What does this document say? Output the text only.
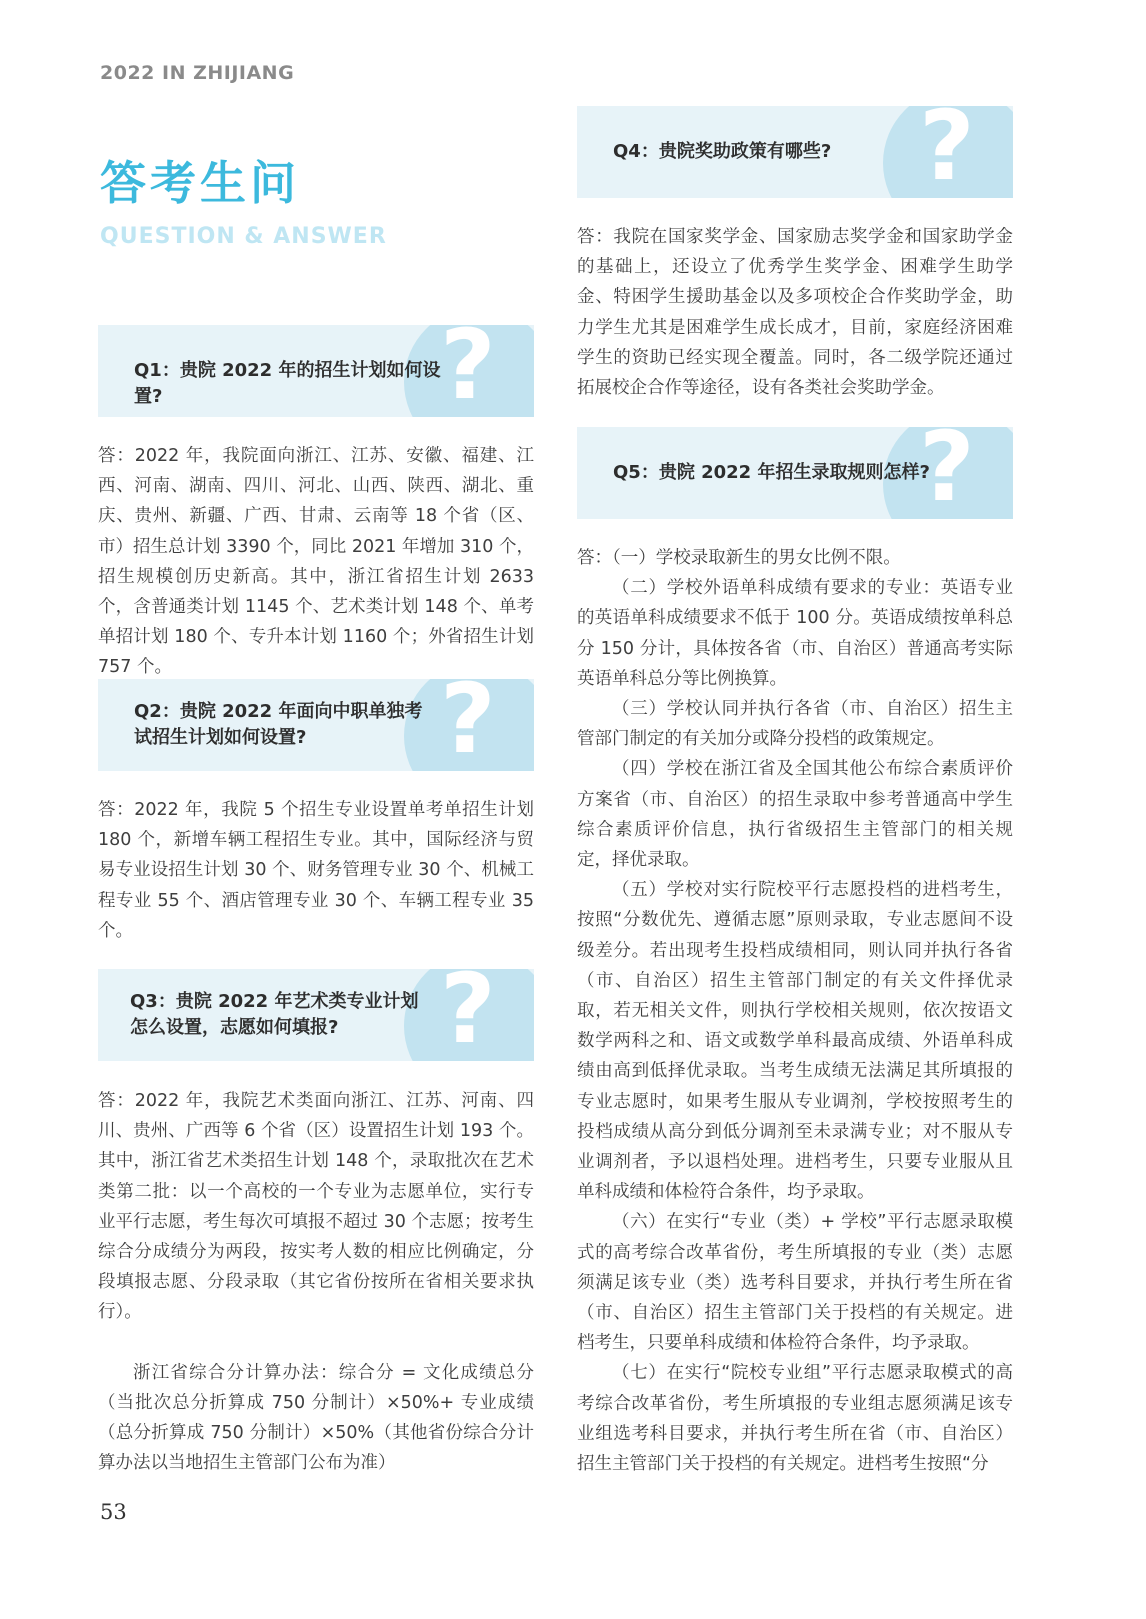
2022 IN ZHIJIANG
答考生问
QUESTION & ANSWER
?
Q1：贵院 2022 年的招生计划如何设置?

答：2022 年，我院面向浙江、江苏、安徽、福建、江西、河南、湖南、四川、河北、山西、陕西、湖北、重庆、贵州、新疆、广西、甘肃、云南等 18 个省（区、市）招生总计划 3390 个，同比 2021 年增加 310 个，招生规模创历史新高。其中，浙江省招生计划 2633 个，含普通类计划 1145 个、艺术类计划 148 个、单考单招计划 180 个、专升本计划 1160 个；外省招生计划 757 个。	?
Q2：贵院 2022 年面向中职单独考试招生计划如何设置?

答：2022 年，我院 5 个招生专业设置单考单招生计划 180 个，新增车辆工程招生专业。其中，国际经济与贸易专业设招生计划 30 个、财务管理专业 30 个、机械工程专业 55 个、酒店管理专业 30 个、车辆工程专业 35 个。

?
Q3：贵院 2022 年艺术类专业计划怎么设置，志愿如何填报?

答：2022 年，我院艺术类面向浙江、江苏、河南、四川、贵州、广西等 6 个省（区）设置招生计划 193 个。其中，浙江省艺术类招生计划 148 个，录取批次在艺术类第二批：以一个高校的一个专业为志愿单位，实行专业平行志愿，考生每次可填报不超过 30 个志愿；按考生综合分成绩分为两段，按实考人数的相应比例确定，分段填报志愿、分段录取（其它省份按所在省相关要求执行）。

浙江省综合分计算办法：综合分 = 文化成绩总分（当批次总分折算成 750 分制计）×50%+ 专业成绩（总分折算成 750 分制计）×50%（其他省份综合分计算办法以当地招生主管部门公布为准）

?
Q4：贵院奖助政策有哪些?

答：我院在国家奖学金、国家励志奖学金和国家助学金的基础上，还设立了优秀学生奖学金、困难学生助学金、特困学生援助基金以及多项校企合作奖助学金，助力学生尤其是困难学生成长成才，目前，家庭经济困难学生的资助已经实现全覆盖。同时，各二级学院还通过拓展校企合作等途径，设有各类社会奖助学金。

?
Q5：贵院 2022 年招生录取规则怎样?

答：（一）学校录取新生的男女比例不限。

（二）学校外语单科成绩有要求的专业：英语专业的英语单科成绩要求不低于 100 分。英语成绩按单科总分 150 分计，具体按各省（市、自治区）普通高考实际英语单科总分等比例换算。

（三）学校认同并执行各省（市、自治区）招生主管部门制定的有关加分或降分投档的政策规定。

（四）学校在浙江省及全国其他公布综合素质评价方案省（市、自治区）的招生录取中参考普通高中学生综合素质评价信息，执行省级招生主管部门的相关规定，择优录取。

（五）学校对实行院校平行志愿投档的进档考生，按照“分数优先、遵循志愿”原则录取，专业志愿间不设级差分。若出现考生投档成绩相同，则认同并执行各省（市、自治区）招生主管部门制定的有关文件择优录取，若无相关文件，则执行学校相关规则，依次按语文数学两科之和、语文或数学单科最高成绩、外语单科成绩由高到低择优录取。当考生成绩无法满足其所填报的专业志愿时，如果考生服从专业调剂，学校按照考生的投档成绩从高分到低分调剂至未录满专业；对不服从专业调剂者，予以退档处理。进档考生，只要专业服从且单科成绩和体检符合条件，均予录取。

（六）在实行“专业（类）+ 学校”平行志愿录取模式的高考综合改革省份，考生所填报的专业（类）志愿须满足该专业（类）选考科目要求，并执行考生所在省（市、自治区）招生主管部门关于投档的有关规定。进档考生，只要单科成绩和体检符合条件，均予录取。

（七）在实行“院校专业组”平行志愿录取模式的高考综合改革省份，考生所填报的专业组志愿须满足该专业组选考科目要求，并执行考生所在省（市、自治区）招生主管部门关于投档的有关规定。进档考生按照“分

53
